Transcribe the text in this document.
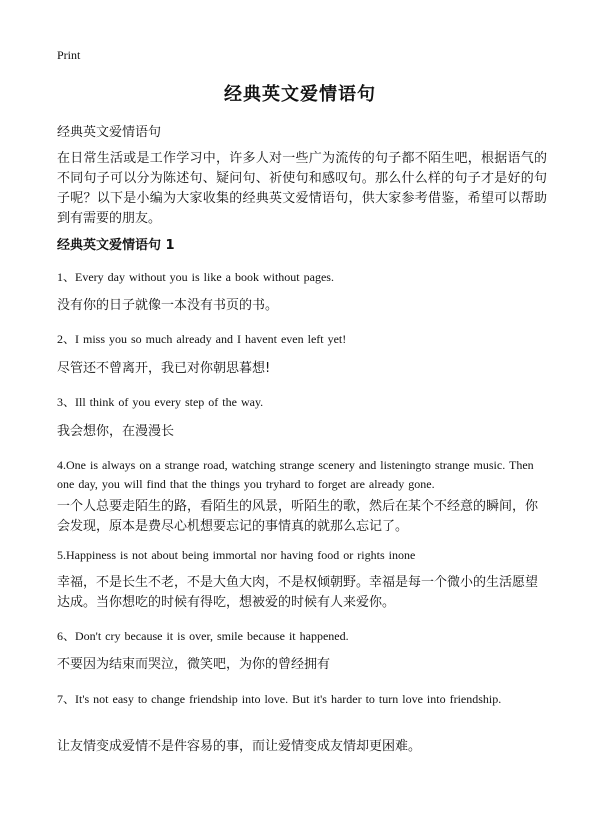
Print
经典英文爱情语句
经典英文爱情语句
在日常生活或是工作学习中，许多人对一些广为流传的句子都不陌生吧，根据语气的不同句子可以分为陈述句、疑问句、祈使句和感叹句。那么什么样的句子才是好的句子呢？以下是小编为大家收集的经典英文爱情语句，供大家参考借鉴，希望可以帮助到有需要的朋友。
经典英文爱情语句 1
1、Every day without you is like a book without pages.
没有你的日子就像一本没有书页的书。
2、I miss you so much already and I havent even left yet!
尽管还不曾离开，我已对你朝思暮想!
3、Ill think of you every step of the way.
我会想你，在漫漫长
4.One is always on a strange road, watching strange scenery and listeningto strange music. Then one day, you will find that the things you tryhard to forget are already gone.
一个人总要走陌生的路，看陌生的风景，听陌生的歌，然后在某个不经意的瞬间，你会发现，原本是费尽心机想要忘记的事情真的就那么忘记了。
5.Happiness is not about being immortal nor having food or rights inone
幸福，不是长生不老，不是大鱼大肉，不是权倾朝野。幸福是每一个微小的生活愿望达成。当你想吃的时候有得吃，想被爱的时候有人来爱你。
6、Don't cry because it is over, smile because it happened.
不要因为结束而哭泣，微笑吧，为你的曾经拥有
7、It's not easy to change friendship into love. But it's harder to turn love into friendship.
让友情变成爱情不是件容易的事，而让爱情变成友情却更困难。
